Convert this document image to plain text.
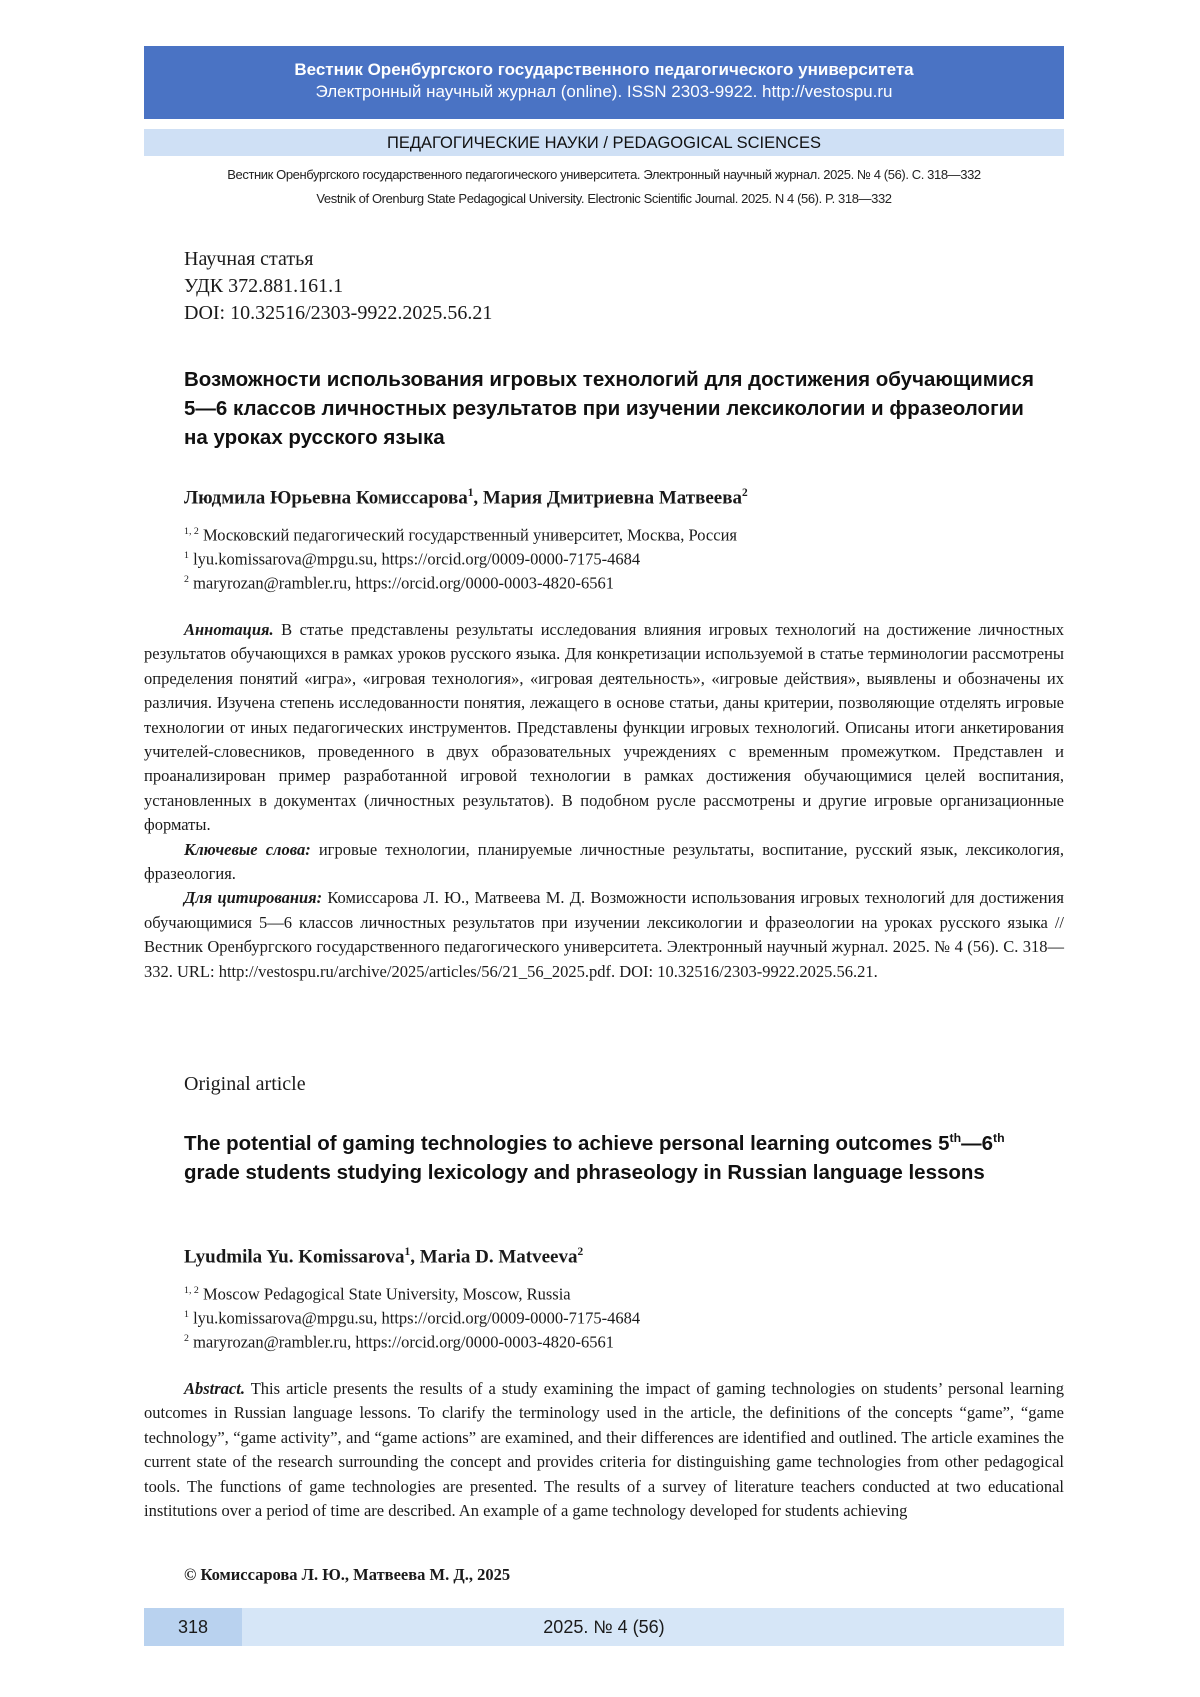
Вестник Оренбургского государственного педагогического университета
Электронный научный журнал (online). ISSN 2303-9922. http://vestospu.ru
ПЕДАГОГИЧЕСКИЕ НАУКИ / PEDAGOGICAL SCIENCES
Вестник Оренбургского государственного педагогического университета. Электронный научный журнал. 2025. № 4 (56). С. 318—332
Vestnik of Orenburg State Pedagogical University. Electronic Scientific Journal. 2025. N 4 (56). P. 318—332
Научная статья
УДК 372.881.161.1
DOI: 10.32516/2303-9922.2025.56.21
Возможности использования игровых технологий для достижения обучающимися 5—6 классов личностных результатов при изучении лексикологии и фразеологии на уроках русского языка
Людмила Юрьевна Комиссарова$^1$, Мария Дмитриевна Матвеева$^2$
$^{1, 2}$ Московский педагогический государственный университет, Москва, Россия
$^1$ lyu.komissarova@mpgu.su, https://orcid.org/0009-0000-7175-4684
$^2$ maryrozan@rambler.ru, https://orcid.org/0000-0003-4820-6561

Аннотация. В статье представлены результаты исследования влияния игровых технологий на достижение личностных результатов обучающихся в рамках уроков русского языка. Для конкретизации используемой в статье терминологии рассмотрены определения понятий «игра», «игровая технология», «игровая деятельность», «игровые действия», выявлены и обозначены их различия. Изучена степень исследованности понятия, лежащего в основе статьи, даны критерии, позволяющие отделять игровые технологии от иных педагогических инструментов. Представлены функции игровых технологий. Описаны итоги анкетирования учителей-словесников, проведенного в двух образовательных учреждениях с временным промежутком. Представлен и проанализирован пример разработанной игровой технологии в рамках достижения обучающимися целей воспитания, установленных в документах (личностных результатов). В подобном русле рассмотрены и другие игровые организационные форматы.

Ключевые слова: игровые технологии, планируемые личностные результаты, воспитание, русский язык, лексикология, фразеология.

Для цитирования: Комиссарова Л. Ю., Матвеева М. Д. Возможности использования игровых технологий для достижения обучающимися 5—6 классов личностных результатов при изучении лексикологии и фразеологии на уроках русского языка // Вестник Оренбургского государственного педагогического университета. Электронный научный журнал. 2025. № 4 (56). С. 318—332. URL: http://vestospu.ru/archive/2025/articles/56/21_56_2025.pdf. DOI: 10.32516/2303-9922.2025.56.21.

Original article
The potential of gaming technologies to achieve personal learning outcomes 5th—6th grade students studying lexicology and phraseology in Russian language lessons
Lyudmila Yu. Komissarova$^1$, Maria D. Matveeva$^2$
$^{1, 2}$ Moscow Pedagogical State University, Moscow, Russia
$^1$ lyu.komissarova@mpgu.su, https://orcid.org/0009-0000-7175-4684
$^2$ maryrozan@rambler.ru, https://orcid.org/0000-0003-4820-6561

Abstract. This article presents the results of a study examining the impact of gaming technologies on students’ personal learning outcomes in Russian language lessons. To clarify the terminology used in the article, the definitions of the concepts “game”, “game technology”, “game activity”, and “game actions” are examined, and their differences are identified and outlined. The article examines the current state of the research surrounding the concept and provides criteria for distinguishing game technologies from other pedagogical tools. The functions of game technologies are presented. The results of a survey of literature teachers conducted at two educational institutions over a period of time are described. An example of a game technology developed for students achieving

© Комиссарова Л. Ю., Матвеева М. Д., 2025
2025. № 4 (56)
318
